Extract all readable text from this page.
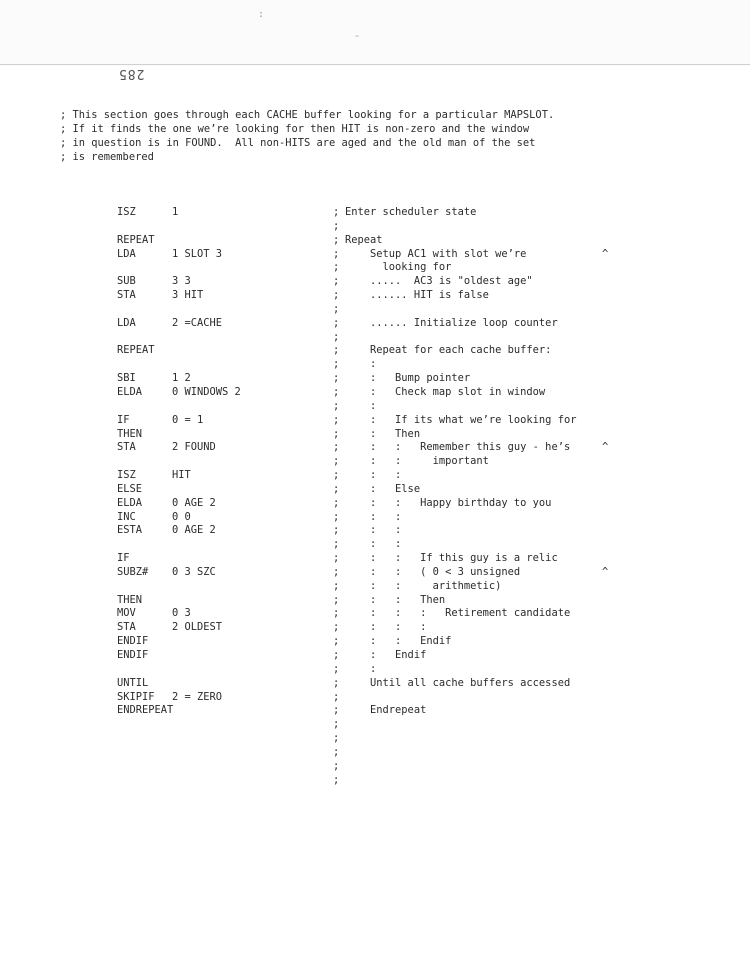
:
˜
285
; This section goes through each CACHE buffer looking for a particular MAPSLOT.
; If it finds the one we’re looking for then HIT is non-zero and the window
; in question is in FOUND.  All non-HITS are aged and the old man of the set
; is remembered
ISZ	1	; Enter scheduler state
;
REPEAT	; Repeat
LDA	1 SLOT 3	; Setup AC1 with slot we’re	^
; looking for
SUB	3 3	; .....  AC3 is "oldest age"
STA	3 HIT	; ...... HIT is false
;
LDA	2 =CACHE	; ...... Initialize loop counter
;
REPEAT	; Repeat for each cache buffer:
; :
SBI	1 2	; :   Bump pointer
ELDA	0 WINDOWS 2	; :   Check map slot in window
; :
IF	0 = 1	; :   If its what we’re looking for
THEN	; :   Then
STA	2 FOUND	; :   :   Remember this guy - he’s	^
; :   :     important
ISZ	HIT	; :   :
ELSE	; :   Else
ELDA	0 AGE 2	; :   :   Happy birthday to you
INC	0 0	; :   :
ESTA	0 AGE 2	; :   :
; :   :
IF	; :   :   If this guy is a relic
SUBZ# 0 3 SZC	; :   :   ( 0 < 3 unsigned	^
; :   :     arithmetic)
THEN	; :   :   Then
MOV	0 3	; :   :   :   Retirement candidate
STA	2 OLDEST	; :   :   :
ENDIF	; :   :   Endif
ENDIF	; :   Endif
; :
UNTIL	; Until all cache buffers accessed
SKIPIF 2 = ZERO	;
ENDREPEAT	; Endrepeat
;
;
;
;
;
